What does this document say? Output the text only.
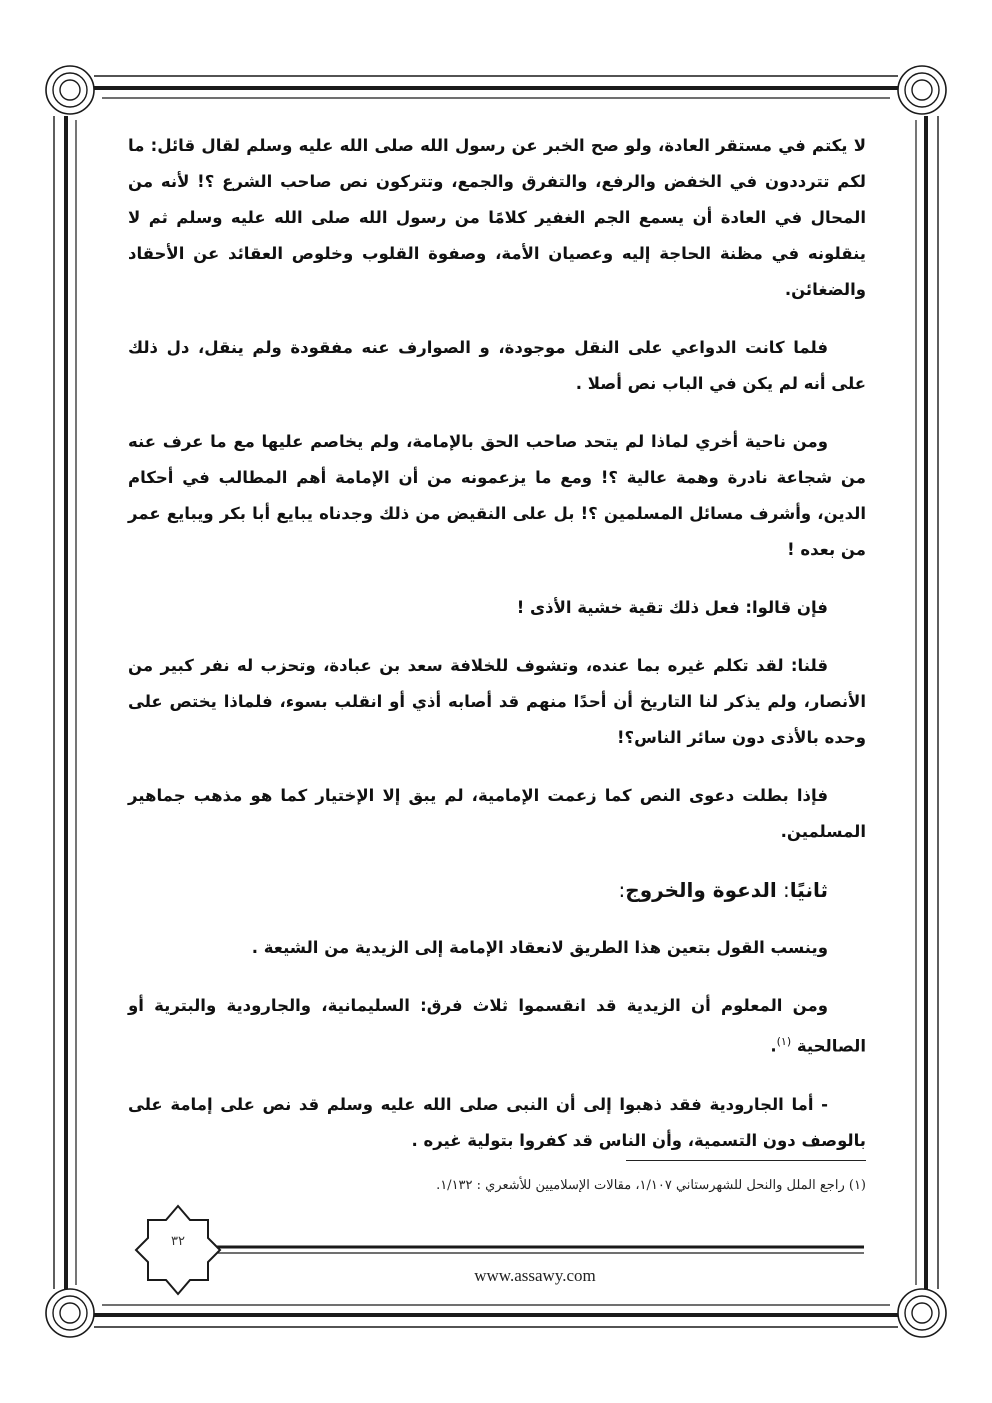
لا يكتم في مستقر العادة، ولو صح الخبر عن رسول الله صلى الله عليه وسلم لقال قائل: ما لكم تترددون في الخفض والرفع، والتفرق والجمع، وتتركون نص صاحب الشرع ؟! لأنه من المحال في العادة أن يسمع الجم الغفير كلامًا من رسول الله صلى الله عليه وسلم ثم لا ينقلونه في مظنة الحاجة إليه وعصيان الأمة، وصفوة القلوب وخلوص العقائد عن الأحقاد والضغائن.

فلما كانت الدواعي على النقل موجودة، و الصوارف عنه مفقودة ولم ينقل، دل ذلك على أنه لم يكن في الباب نص أصلا .

ومن ناحية أخري لماذا لم يتحد صاحب الحق بالإمامة، ولم يخاصم عليها مع ما عرف عنه من شجاعة نادرة وهمة عالية ؟! ومع ما يزعمونه من أن الإمامة أهم المطالب في أحكام الدين، وأشرف مسائل المسلمين ؟! بل على النقيض من ذلك وجدناه يبايع أبا بكر ويبايع عمر من بعده !

فإن قالوا: فعل ذلك تقية خشية الأذى !

قلنا: لقد تكلم غيره بما عنده، وتشوف للخلافة سعد بن عبادة، وتحزب له نفر كبير من الأنصار، ولم يذكر لنا التاريخ أن أحدًا منهم قد أصابه أذي أو انقلب بسوء، فلماذا يختص على وحده بالأذى دون سائر الناس؟!

فإذا بطلت دعوى النص كما زعمت الإمامية، لم يبق إلا الإختيار كما هو مذهب جماهير المسلمين.

ثانيًا: الدعوة والخروج:

وينسب القول بتعين هذا الطريق لانعقاد الإمامة إلى الزيدية من الشيعة .

ومن المعلوم أن الزيدية قد انقسموا ثلاث فرق: السليمانية، والجارودية والبترية أو الصالحية $^{(١)}$.

- أما الجارودية فقد ذهبوا إلى أن النبى صلى الله عليه وسلم قد نص على إمامة على بالوصف دون التسمية، وأن الناس قد كفروا بتولية غيره .

(١) راجع الملل والنحل للشهرستاني ١/١٠٧، مقالات الإسلاميين للأشعري : ١/١٣٢.
٣٢
www.assawy.com
